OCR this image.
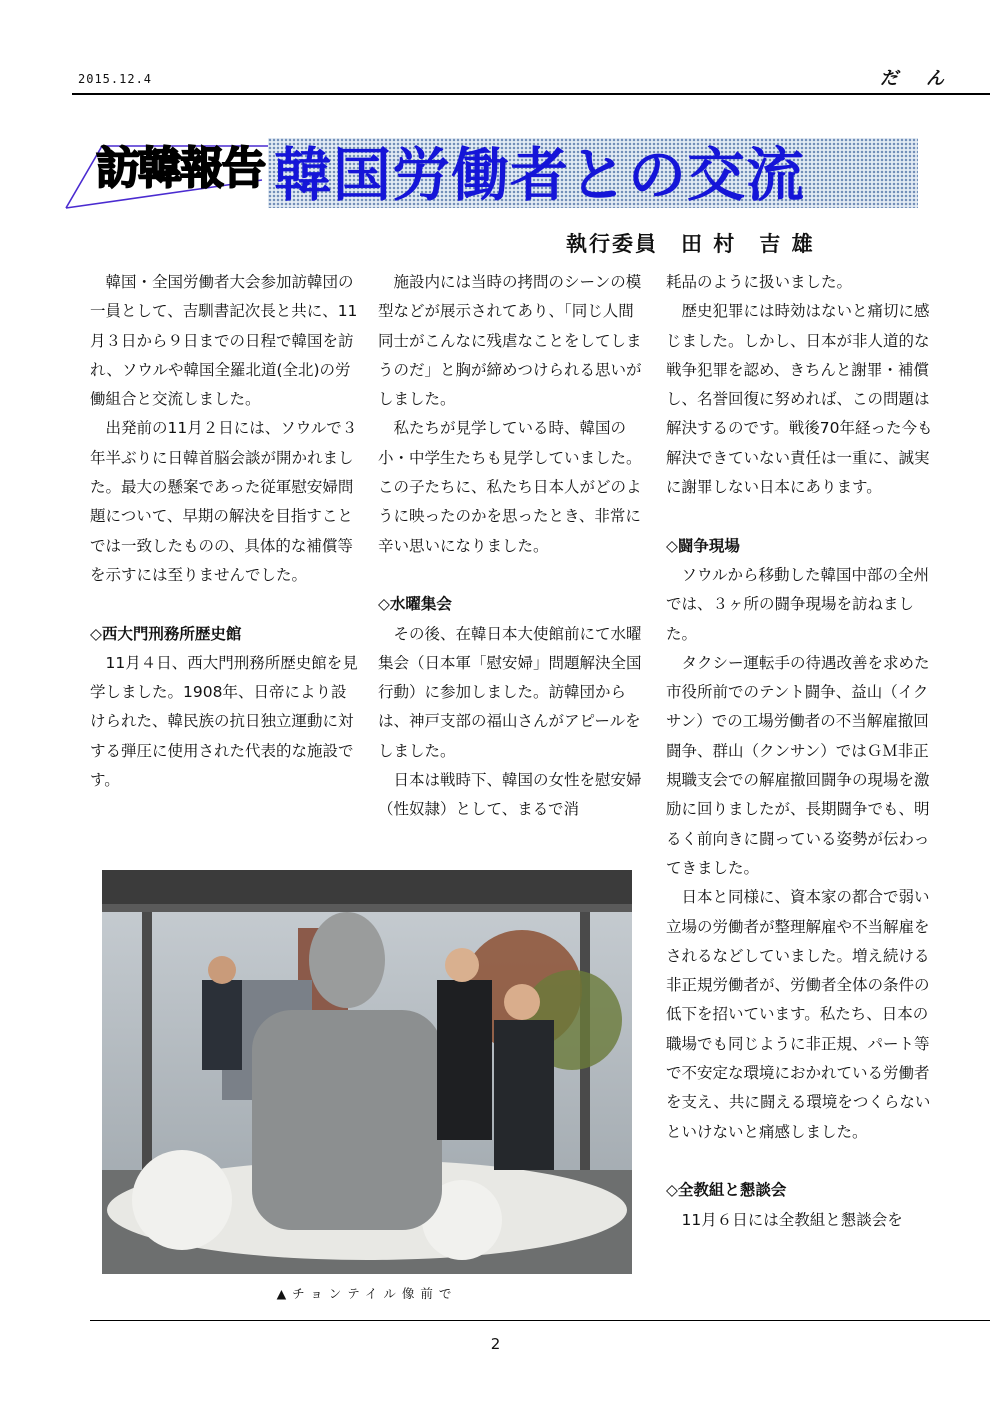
2015.12.4	だん
訪韓報告 韓国労働者との交流
執行委員　田 村　吉 雄

韓国・全国労働者大会参加訪韓団の一員として、吉馴書記次長と共に、11月３日から９日までの日程で韓国を訪れ、ソウルや韓国全羅北道(全北)の労働組合と交流しました。

出発前の11月２日には、ソウルで３年半ぶりに日韓首脳会談が開かれました。最大の懸案であった従軍慰安婦問題について、早期の解決を目指すことでは一致したものの、具体的な補償等を示すには至りませんでした。

◇西大門刑務所歴史館

11月４日、西大門刑務所歴史館を見学しました。1908年、日帝により設けられた、韓民族の抗日独立運動に対する弾圧に使用された代表的な施設です。

施設内には当時の拷問のシーンの模型などが展示されてあり、「同じ人間同士がこんなに残虐なことをしてしまうのだ」と胸が締めつけられる思いがしました。

私たちが見学している時、韓国の小・中学生たちも見学していました。この子たちに、私たち日本人がどのように映ったのかを思ったとき、非常に辛い思いになりました。

◇水曜集会

その後、在韓日本大使館前にて水曜集会（日本軍「慰安婦」問題解決全国行動）に参加しました。訪韓団からは、神戸支部の福山さんがアピールをしました。

日本は戦時下、韓国の女性を慰安婦（性奴隷）として、まるで消

耗品のように扱いました。

歴史犯罪には時効はないと痛切に感じました。しかし、日本が非人道的な戦争犯罪を認め、きちんと謝罪・補償し、名誉回復に努めれば、この問題は解決するのです。戦後70年経った今も解決できていない責任は一重に、誠実に謝罪しない日本にあります。

◇闘争現場

ソウルから移動した韓国中部の全州では、３ヶ所の闘争現場を訪ねました。

タクシー運転手の待遇改善を求めた市役所前でのテント闘争、益山（イクサン）での工場労働者の不当解雇撤回闘争、群山（クンサン）ではＧＭ非正規職支会での解雇撤回闘争の現場を激励に回りましたが、長期闘争でも、明るく前向きに闘っている姿勢が伝わってきました。

日本と同様に、資本家の都合で弱い立場の労働者が整理解雇や不当解雇をされるなどしていました。増え続ける非正規労働者が、労働者全体の条件の低下を招いています。私たち、日本の職場でも同じように非正規、パート等で不安定な環境におかれている労働者を支え、共に闘える環境をつくらないといけないと痛感しました。

◇全教組と懇談会

11月６日には全教組と懇談会を

▲チョンテイル像前で
2
